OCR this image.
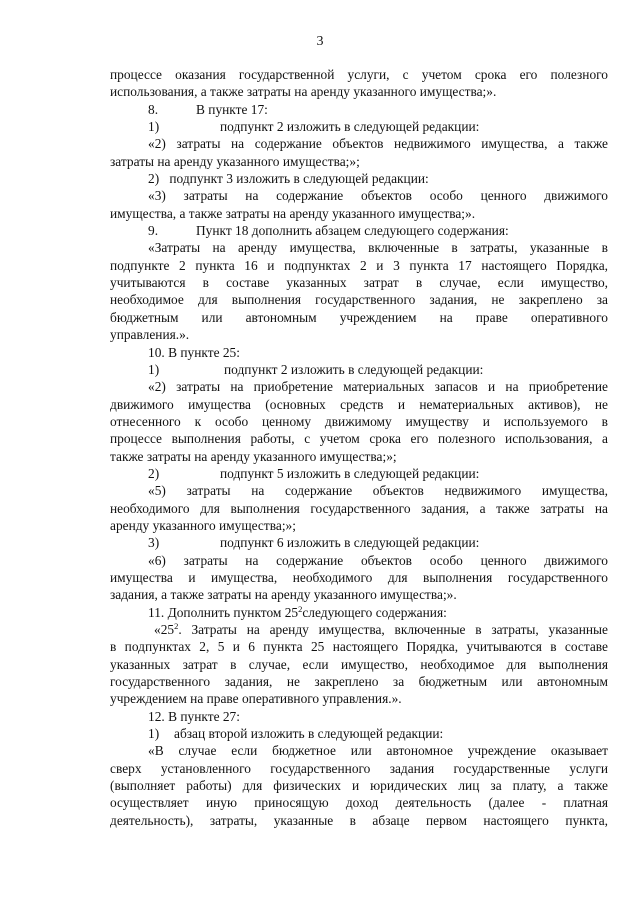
3
процессе оказания государственной услуги, с учетом срока его полезного
использования, а также затраты на аренду указанного имущества;».
8.	В пункте 17:
1)	подпункт 2 изложить в следующей редакции:
«2) затраты на содержание объектов недвижимого имущества, а также
затраты на аренду указанного имущества;»;
2) подпункт 3 изложить в следующей редакции:
«3) затраты на содержание объектов особо ценного движимого
имущества, а также затраты на аренду указанного имущества;».
9.	Пункт 18 дополнить абзацем следующего содержания:
«Затраты на аренду имущества, включенные в затраты, указанные в
подпункте 2 пункта 16 и подпунктах 2 и 3 пункта 17 настоящего Порядка,
учитываются в составе указанных затрат в случае, если имущество,
необходимое для выполнения государственного задания, не закреплено за
бюджетным или автономным учреждением на праве оперативного
управления.».
10. В пункте 25:
1)	подпункт 2 изложить в следующей редакции:
«2) затраты на приобретение материальных запасов и на приобретение
движимого имущества (основных средств и нематериальных активов), не
отнесенного к особо ценному движимому имуществу и используемого в
процессе выполнения работы, с учетом срока его полезного использования, а
также затраты на аренду указанного имущества;»;
2)	подпункт 5 изложить в следующей редакции:
«5) затраты на содержание объектов недвижимого имущества,
необходимого для выполнения государственного задания, а также затраты на
аренду указанного имущества;»;
3)	подпункт 6 изложить в следующей редакции:
«6) затраты на содержание объектов особо ценного движимого
имущества и имущества, необходимого для выполнения государственного
задания, а также затраты на аренду указанного имущества;».
11. Дополнить пунктом $25^2следующего$ содержания:
«$25^2$. Затраты на аренду имущества, включенные в затраты, указанные
в подпунктах 2, 5 и 6 пункта 25 настоящего Порядка, учитываются в составе
указанных затрат в случае, если имущество, необходимое для выполнения
государственного задания, не закреплено за бюджетным или автономным
учреждением на праве оперативного управления.».
12. В пункте 27:
1) абзац второй изложить в следующей редакции:
«В случае если бюджетное или автономное учреждение оказывает
сверх установленного государственного задания государственные услуги
(выполняет работы) для физических и юридических лиц за плату, а также
осуществляет иную приносящую доход деятельность (далее - платная
деятельность), затраты, указанные в абзаце первом настоящего пункта,
